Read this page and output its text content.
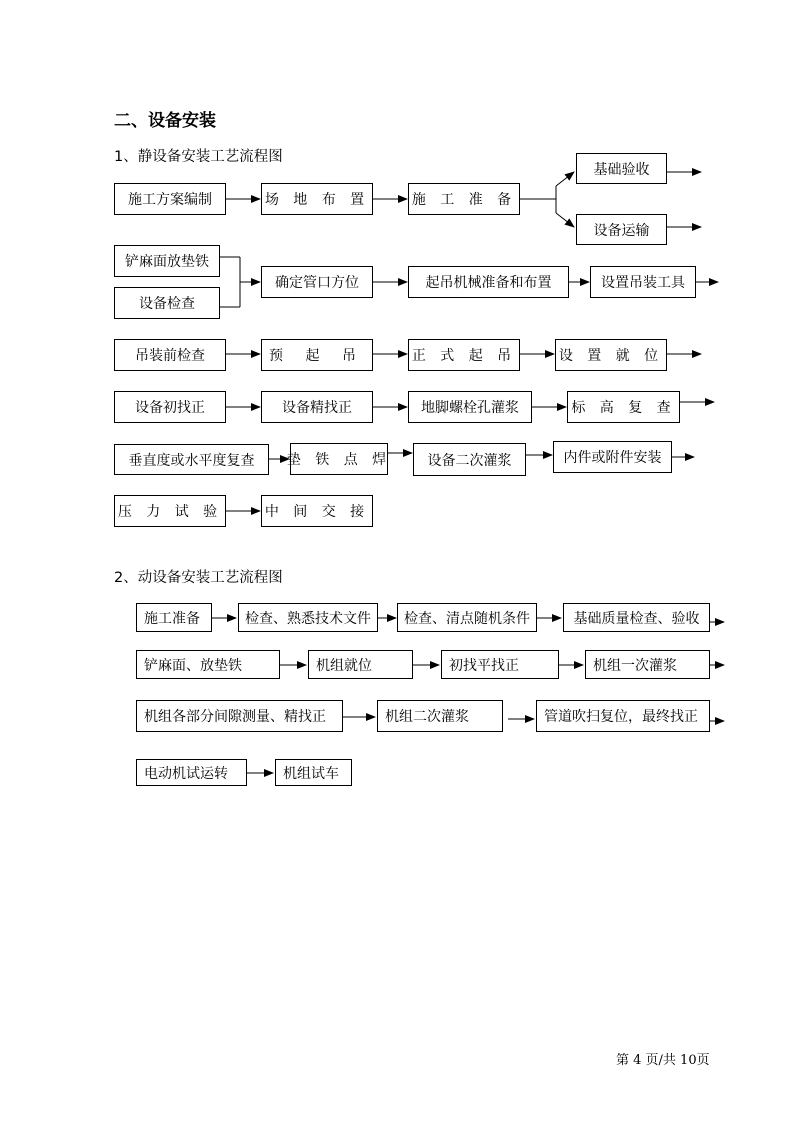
二、设备安装
1、静设备安装工艺流程图
施工方案编制	场 地 布 置	施 工 准 备
基础验收
设备运输
铲麻面放垫铁
设备检查
确定管口方位	起吊机械准备和布置	设置吊装工具
吊装前检查	预 起 吊	正 式 起 吊	设 置 就 位
设备初找正	设备精找正	地脚螺栓孔灌浆	标 高 复 查
垂直度或水平度复查	垫 铁 点 焊	设备二次灌浆	内件或附件安装
压 力 试 验	中 间 交 接
2、动设备安装工艺流程图
施工准备	检查、熟悉技术文件	检查、清点随机条件	基础质量检查、验收
铲麻面、放垫铁	机组就位	初找平找正	机组一次灌浆
机组各部分间隙测量、精找正	机组二次灌浆	管道吹扫复位，最终找正
电动机试运转	机组试车
第 4 页/共 10页
